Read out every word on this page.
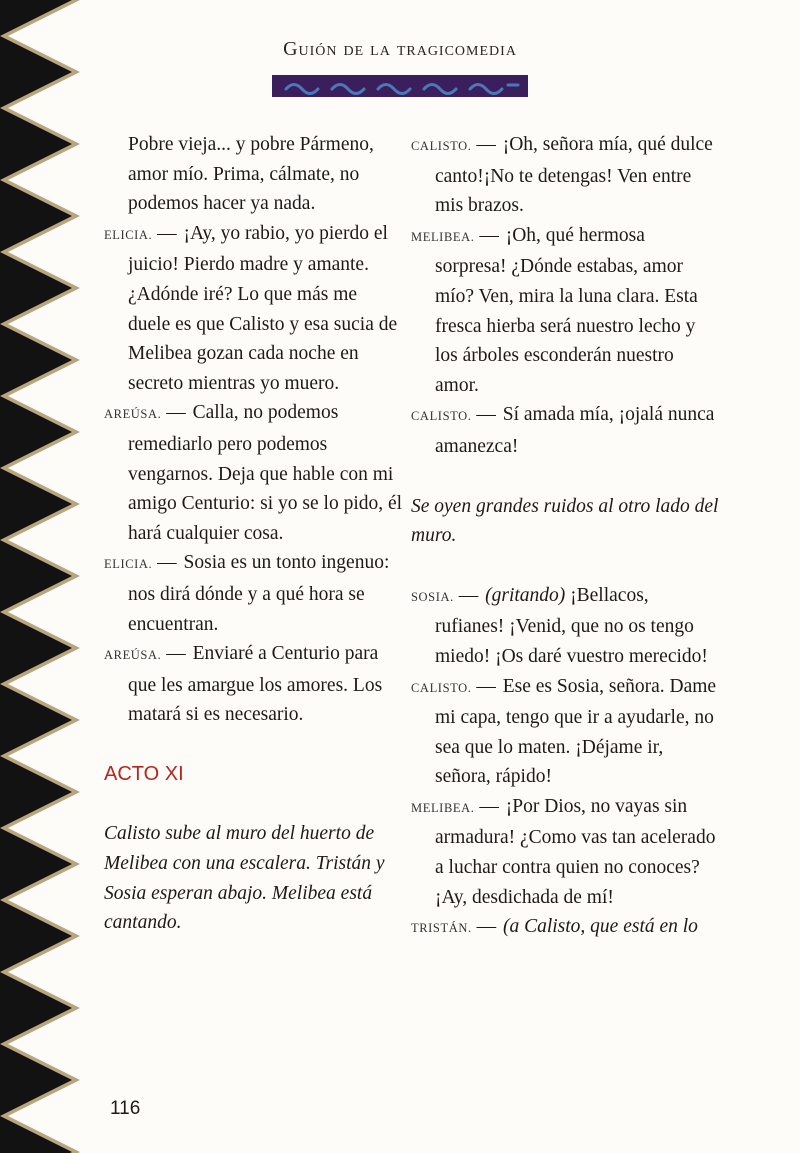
Guión de la tragicomedia

Pobre vieja... y pobre Pármeno, amor mío. Prima, cálmate, no podemos hacer ya nada.

ELICIA. — ¡Ay, yo rabio, yo pierdo el juicio! Pierdo madre y amante. ¿Adónde iré? Lo que más me duele es que Calisto y esa sucia de Melibea gozan cada noche en secreto mientras yo muero.

AREÚSA. — Calla, no podemos remediarlo pero podemos vengarnos. Deja que hable con mi amigo Centurio: si yo se lo pido, él hará cualquier cosa.

ELICIA. — Sosia es un tonto ingenuo: nos dirá dónde y a qué hora se encuentran.

AREÚSA. — Enviaré a Centurio para que les amargue los amores. Los matará si es necesario.

ACTO XI

Calisto sube al muro del huerto de Melibea con una escalera. Tristán y Sosia esperan abajo. Melibea está cantando.

CALISTO. — ¡Oh, señora mía, qué dulce canto!¡No te detengas! Ven entre mis brazos.

MELIBEA. — ¡Oh, qué hermosa sorpresa! ¿Dónde estabas, amor mío? Ven, mira la luna clara. Esta fresca hierba será nuestro lecho y los árboles esconderán nuestro amor.

CALISTO. — Sí amada mía, ¡ojalá nunca amanezca!

Se oyen grandes ruidos al otro lado del muro.

SOSIA. — (gritando) ¡Bellacos, rufianes! ¡Venid, que no os tengo miedo! ¡Os daré vuestro merecido!

CALISTO. — Ese es Sosia, señora. Dame mi capa, tengo que ir a ayudarle, no sea que lo maten. ¡Déjame ir, señora, rápido!

MELIBEA. — ¡Por Dios, no vayas sin armadura! ¿Como vas tan acelerado a luchar contra quien no conoces? ¡Ay, desdichada de mí!

TRISTÁN. — (a Calisto, que está en lo

116
